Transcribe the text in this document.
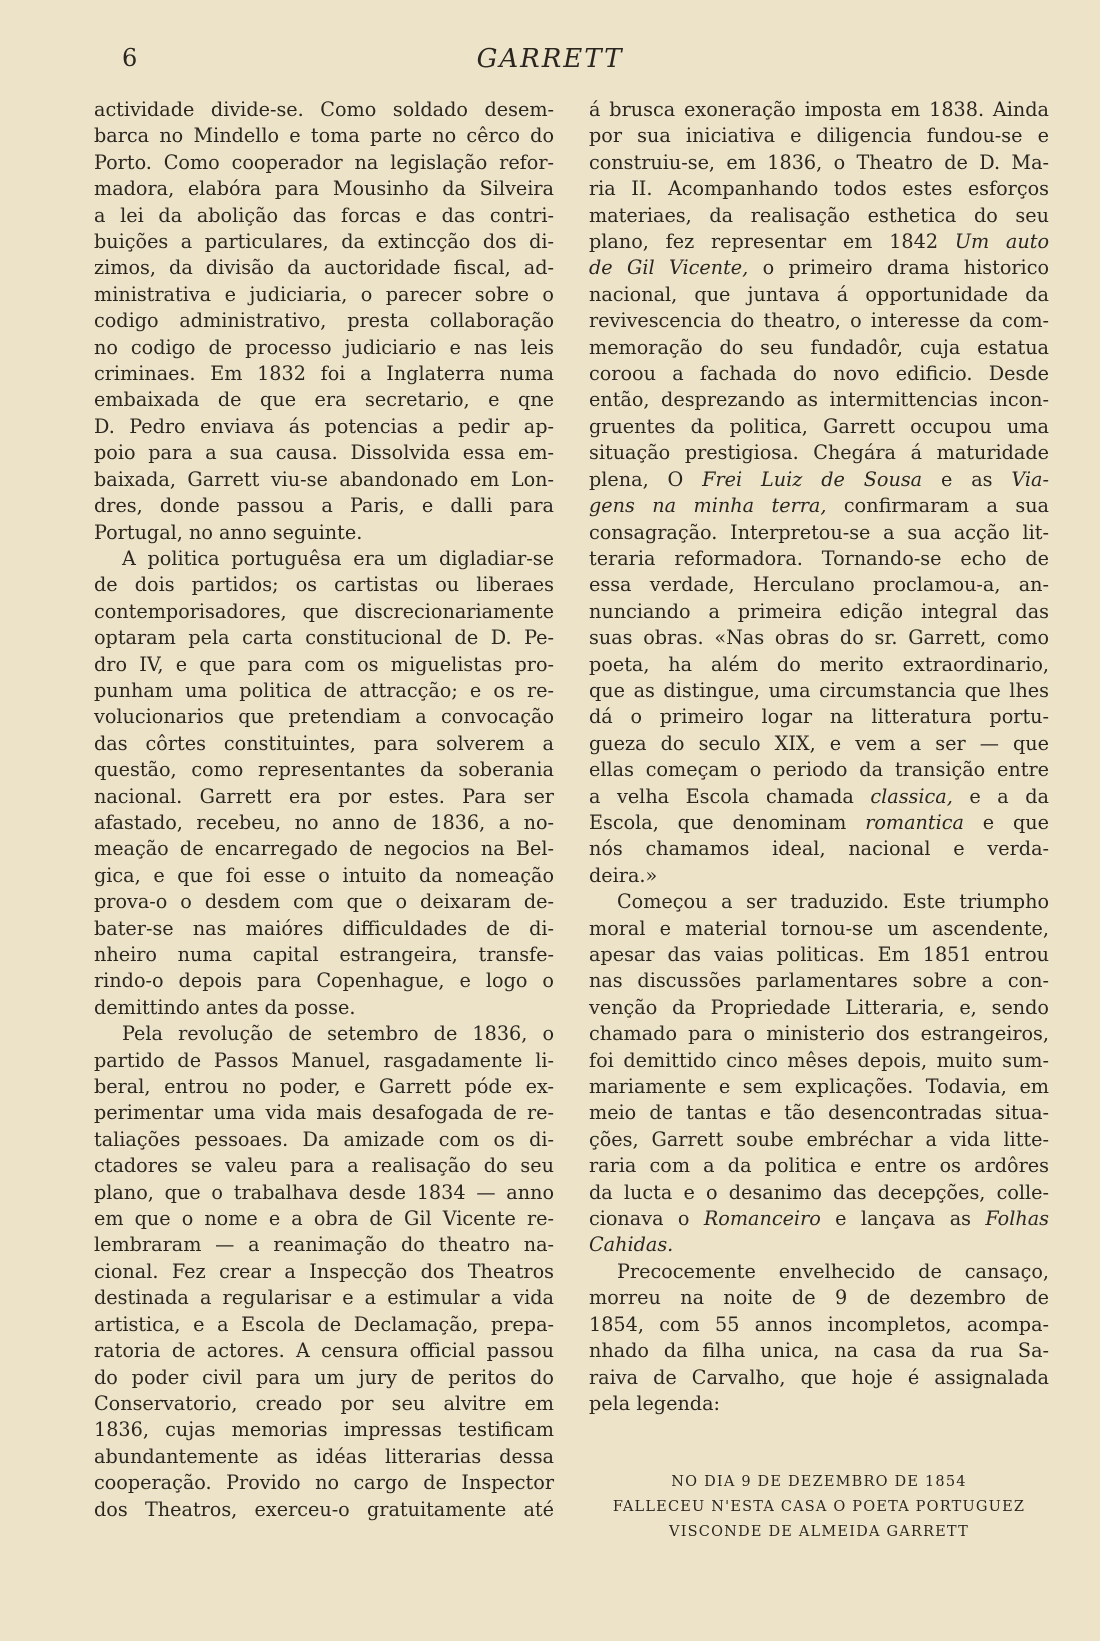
6	GARRETT
actividade divide-se. Como soldado desem-
barca no Mindello e toma parte no cêrco do
Porto. Como cooperador na legislação refor-
madora, elabóra para Mousinho da Silveira
a lei da abolição das forcas e das contri-
buições a particulares, da extincção dos di-
zimos, da divisão da auctoridade fiscal, ad-
ministrativa e judiciaria, o parecer sobre o
codigo administrativo, presta collaboração
no codigo de processo judiciario e nas leis
criminaes. Em 1832 foi a Inglaterra numa
embaixada de que era secretario, e qne
D. Pedro enviava ás potencias a pedir ap-
poio para a sua causa. Dissolvida essa em-
baixada, Garrett viu-se abandonado em Lon-
dres, donde passou a Paris, e dalli para
Portugal, no anno seguinte.
A politica portuguêsa era um digladiar-se
de dois partidos; os cartistas ou liberaes
contemporisadores, que discrecionariamente
optaram pela carta constitucional de D. Pe-
dro IV, e que para com os miguelistas pro-
punham uma politica de attracção; e os re-
volucionarios que pretendiam a convocação
das côrtes constituintes, para solverem a
questão, como representantes da soberania
nacional. Garrett era por estes. Para ser
afastado, recebeu, no anno de 1836, a no-
meação de encarregado de negocios na Bel-
gica, e que foi esse o intuito da nomeação
prova-o o desdem com que o deixaram de-
bater-se nas maióres difficuldades de di-
nheiro numa capital estrangeira, transfe-
rindo-o depois para Copenhague, e logo o
demittindo antes da posse.
Pela revolução de setembro de 1836, o
partido de Passos Manuel, rasgadamente li-
beral, entrou no poder, e Garrett póde ex-
perimentar uma vida mais desafogada de re-
taliações pessoaes. Da amizade com os di-
ctadores se valeu para a realisação do seu
plano, que o trabalhava desde 1834 — anno
em que o nome e a obra de Gil Vicente re-
lembraram — a reanimação do theatro na-
cional. Fez crear a Inspecção dos Theatros
destinada a regularisar e a estimular a vida
artistica, e a Escola de Declamação, prepa-
ratoria de actores. A censura official passou
do poder civil para um jury de peritos do
Conservatorio, creado por seu alvitre em
1836, cujas memorias impressas testificam
abundantemente as idéas litterarias dessa
cooperação. Provido no cargo de Inspector
dos Theatros, exerceu-o gratuitamente até
á brusca exoneração imposta em 1838. Ainda
por sua iniciativa e diligencia fundou-se e
construiu-se, em 1836, o Theatro de D. Ma-
ria II. Acompanhando todos estes esforços
materiaes, da realisação esthetica do seu
plano, fez representar em 1842 Um auto
de Gil Vicente, o primeiro drama historico
nacional, que juntava á opportunidade da
revivescencia do theatro, o interesse da com-
memoração do seu fundadôr, cuja estatua
coroou a fachada do novo edificio. Desde
então, desprezando as intermittencias incon-
gruentes da politica, Garrett occupou uma
situação prestigiosa. Chegára á maturidade
plena, O Frei Luiz de Sousa e as Via-
gens na minha terra, confirmaram a sua
consagração. Interpretou-se a sua acção lit-
teraria reformadora. Tornando-se echo de
essa verdade, Herculano proclamou-a, an-
nunciando a primeira edição integral das
suas obras. «Nas obras do sr. Garrett, como
poeta, ha além do merito extraordinario,
que as distingue, uma circumstancia que lhes
dá o primeiro logar na litteratura portu-
gueza do seculo XIX, e vem a ser — que
ellas começam o periodo da transição entre
a velha Escola chamada classica, e a da
Escola, que denominam romantica e que
nós chamamos ideal, nacional e verda-
deira.»
Começou a ser traduzido. Este triumpho
moral e material tornou-se um ascendente,
apesar das vaias politicas. Em 1851 entrou
nas discussões parlamentares sobre a con-
venção da Propriedade Litteraria, e, sendo
chamado para o ministerio dos estrangeiros,
foi demittido cinco mêses depois, muito sum-
mariamente e sem explicações. Todavia, em
meio de tantas e tão desencontradas situa-
ções, Garrett soube embréchar a vida litte-
raria com a da politica e entre os ardôres
da lucta e o desanimo das decepções, colle-
cionava o Romanceiro e lançava as Folhas
Cahidas.
Precocemente envelhecido de cansaço,
morreu na noite de 9 de dezembro de
1854, com 55 annos incompletos, acompa-
nhado da filha unica, na casa da rua Sa-
raiva de Carvalho, que hoje é assignalada
pela legenda:
NO DIA 9 DE DEZEMBRO DE 1854
FALLECEU N'ESTA CASA O POETA PORTUGUEZ
VISCONDE DE ALMEIDA GARRETT
